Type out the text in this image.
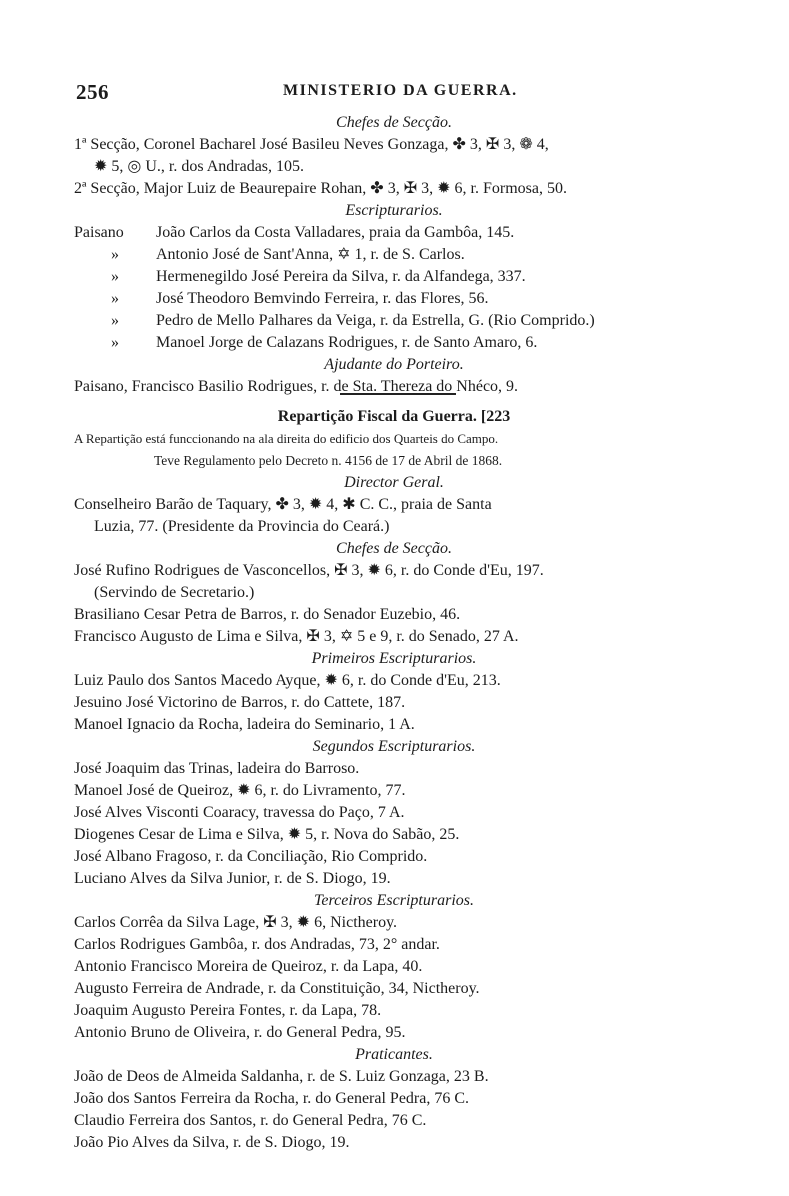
256	MINISTERIO DA GUERRA.
Chefes de Secção.
1ª Secção, Coronel Bacharel José Basileu Neves Gonzaga, ✤ 3, ✠ 3, ❁ 4,
✹ 5, ◎ U., r. dos Andradas, 105.
2ª Secção, Major Luiz de Beaurepaire Rohan, ✤ 3, ✠ 3, ✹ 6, r. Formosa, 50.
Escripturarios.
Paisano João Carlos da Costa Valladares, praia da Gambôa, 145.
» Antonio José de Sant'Anna, ✡ 1, r. de S. Carlos.
» Hermenegildo José Pereira da Silva, r. da Alfandega, 337.
» José Theodoro Bemvindo Ferreira, r. das Flores, 56.
» Pedro de Mello Palhares da Veiga, r. da Estrella, G. (Rio Comprido.)
» Manoel Jorge de Calazans Rodrigues, r. de Santo Amaro, 6.
Ajudante do Porteiro.
Paisano, Francisco Basilio Rodrigues, r. de Sta. Thereza do Nhéco, 9.
Repartição Fiscal da Guerra. [223
A Repartição está funccionando na ala direita do edificio dos Quarteis do Campo.
Teve Regulamento pelo Decreto n. 4156 de 17 de Abril de 1868.
Director Geral.
Conselheiro Barão de Taquary, ✤ 3, ✹ 4, ✱ C. C., praia de Santa
Luzia, 77. (Presidente da Provincia do Ceará.)
Chefes de Secção.
José Rufino Rodrigues de Vasconcellos, ✠ 3, ✹ 6, r. do Conde d'Eu, 197.
(Servindo de Secretario.)
Brasiliano Cesar Petra de Barros, r. do Senador Euzebio, 46.
Francisco Augusto de Lima e Silva, ✠ 3, ✡ 5 e 9, r. do Senado, 27 A.
Primeiros Escripturarios.
Luiz Paulo dos Santos Macedo Ayque, ✹ 6, r. do Conde d'Eu, 213.
Jesuino José Victorino de Barros, r. do Cattete, 187.
Manoel Ignacio da Rocha, ladeira do Seminario, 1 A.
Segundos Escripturarios.
José Joaquim das Trinas, ladeira do Barroso.
Manoel José de Queiroz, ✹ 6, r. do Livramento, 77.
José Alves Visconti Coaracy, travessa do Paço, 7 A.
Diogenes Cesar de Lima e Silva, ✹ 5, r. Nova do Sabão, 25.
José Albano Fragoso, r. da Conciliação, Rio Comprido.
Luciano Alves da Silva Junior, r. de S. Diogo, 19.
Terceiros Escripturarios.
Carlos Corrêa da Silva Lage, ✠ 3, ✹ 6, Nictheroy.
Carlos Rodrigues Gambôa, r. dos Andradas, 73, 2° andar.
Antonio Francisco Moreira de Queiroz, r. da Lapa, 40.
Augusto Ferreira de Andrade, r. da Constituição, 34, Nictheroy.
Joaquim Augusto Pereira Fontes, r. da Lapa, 78.
Antonio Bruno de Oliveira, r. do General Pedra, 95.
Praticantes.
João de Deos de Almeida Saldanha, r. de S. Luiz Gonzaga, 23 B.
João dos Santos Ferreira da Rocha, r. do General Pedra, 76 C.
Claudio Ferreira dos Santos, r. do General Pedra, 76 C.
João Pio Alves da Silva, r. de S. Diogo, 19.
